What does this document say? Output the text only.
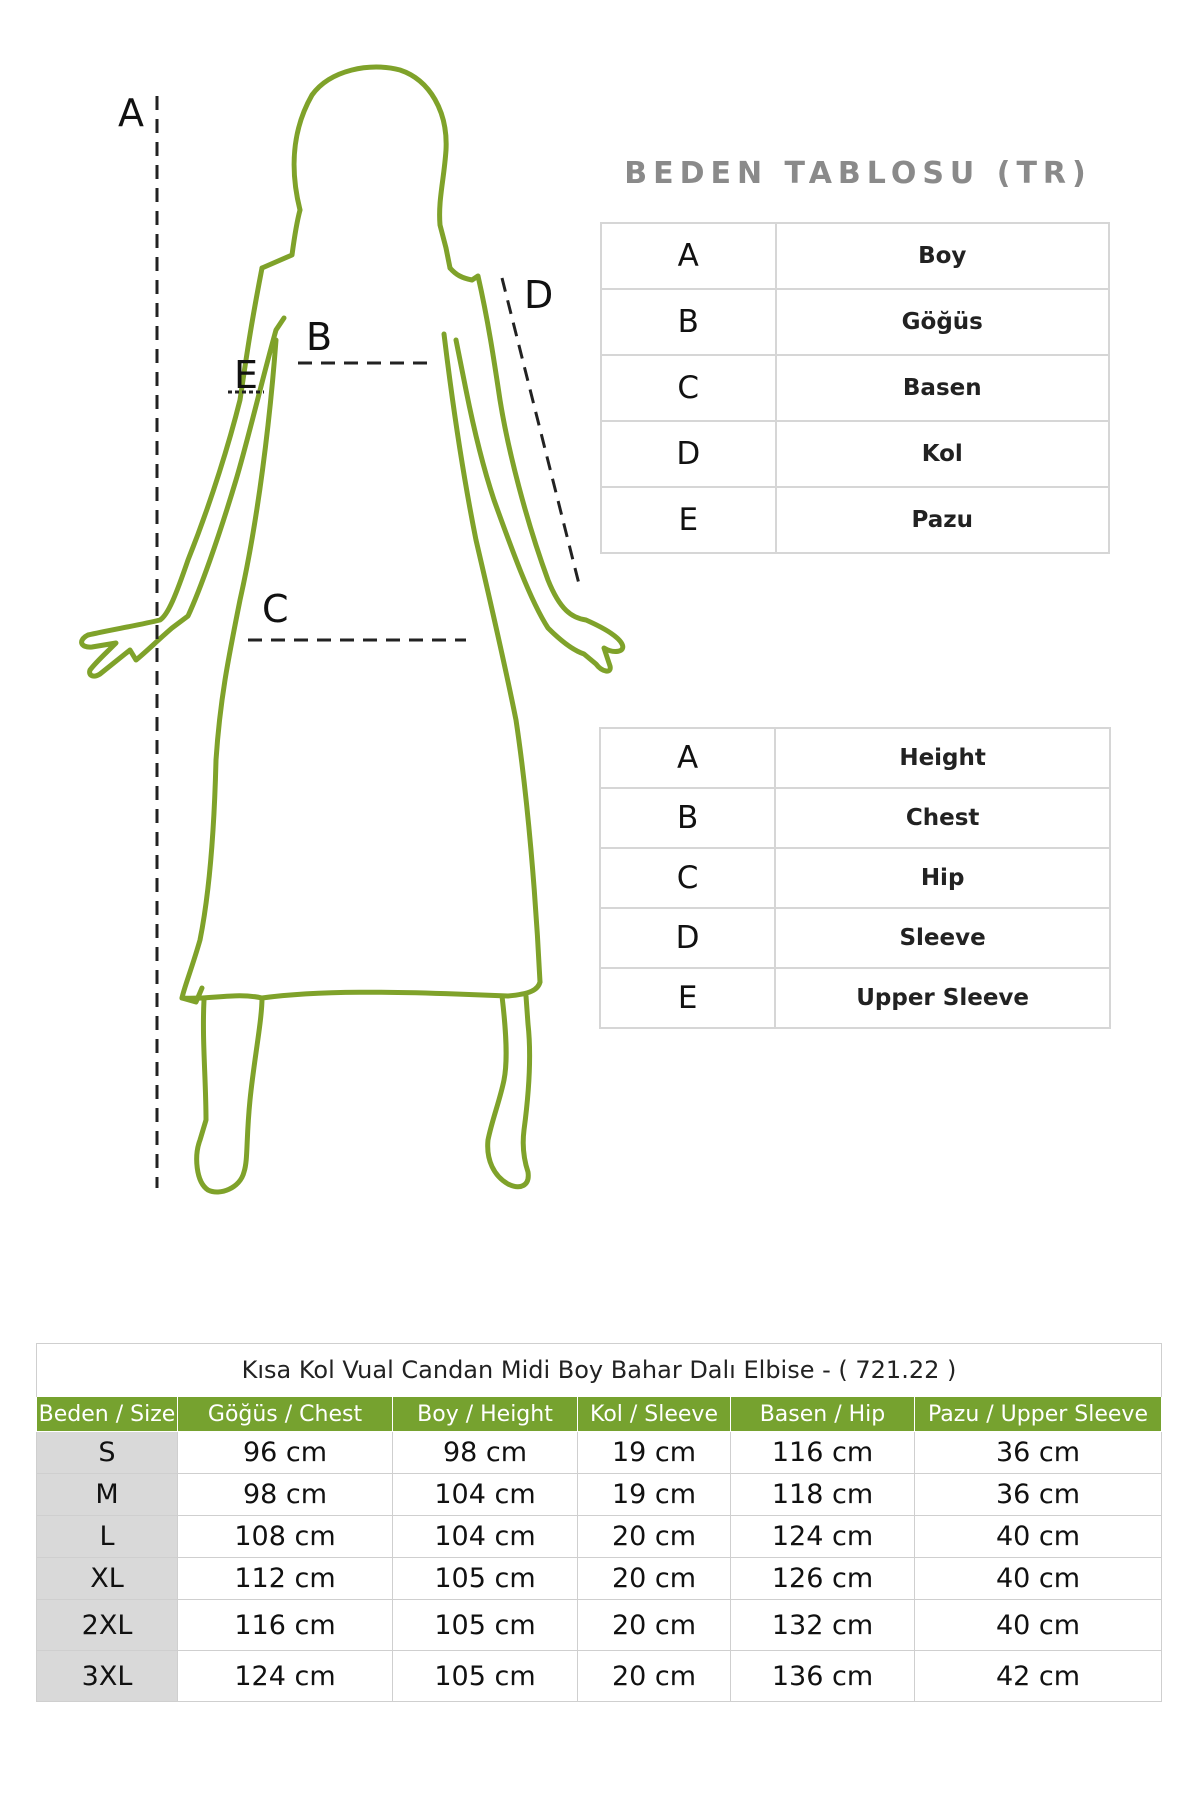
A
B
C
D
E
BEDEN TABLOSU (TR)
A	Boy
B	Göğüs
C	Basen
D	Kol
E	Pazu
A	Height
B	Chest
C	Hip
D	Sleeve
E	Upper Sleeve
Kısa Kol Vual Candan Midi Boy Bahar Dalı Elbise - ( 721.22 )					
Beden / Size	Göğüs / Chest	Boy / Height	Kol / Sleeve	Basen / Hip	Pazu / Upper Sleeve
S	96 cm	98 cm	19 cm	116 cm	36 cm
M	98 cm	104 cm	19 cm	118 cm	36 cm
L	108 cm	104 cm	20 cm	124 cm	40 cm
XL	112 cm	105 cm	20 cm	126 cm	40 cm
2XL	116 cm	105 cm	20 cm	132 cm	40 cm
3XL	124 cm	105 cm	20 cm	136 cm	42 cm
